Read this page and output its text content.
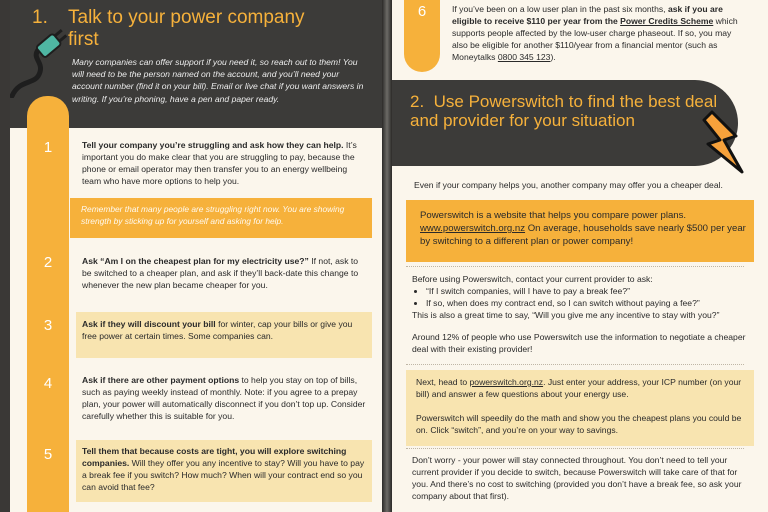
1. Talk to your power company first
Many companies can offer support if you need it, so reach out to them! You will need to be the person named on the account, and you’ll need your account number (find it on your bill). Email or live chat if you want answers in writing. If you’re phoning, have a pen and paper ready.
1	Tell your company you’re struggling and ask how they can help. It’s important you do make clear that you are struggling to pay, because the phone or email operator may then transfer you to an energy wellbeing team who have more options to help you.
Remember that many people are struggling right now. You are showing strength by sticking up for yourself and asking for help.
2	Ask “Am I on the cheapest plan for my electricity use?” If not, ask to be switched to a cheaper plan, and ask if they’ll back-date this change to whenever the new plan became cheaper for you.
3	Ask if they will discount your bill for winter, cap your bills or give you free power at certain times. Some companies can.
4	Ask if there are other payment options to help you stay on top of bills, such as paying weekly instead of monthly. Note: if you agree to a prepay plan, your power will automatically disconnect if you don’t top up. Consider carefully whether this is suitable for you.
5	Tell them that because costs are tight, you will explore switching companies. Will they offer you any incentive to stay? Will you have to pay a break fee if you switch? How much? When will your contract end so you can avoid that fee?
6	If you’ve been on a low user plan in the past six months, ask if you are eligible to receive $110 per year from the Power Credits Scheme which supports people affected by the low-user charge phaseout. If so, you may also be eligible for another $110/year from a financial mentor (such as Moneytalks 0800 345 123).
2. Use Powerswitch to find the best deal and provider for your situation
Even if your company helps you, another company may offer you a cheaper deal.
Powerswitch is a website that helps you compare power plans. www.powerswitch.org.nz On average, households save nearly $500 per year by switching to a different plan or power company!
Before using Powerswitch, contact your current provider to ask:
• “If I switch companies, will I have to pay a break fee?”
• If so, when does my contract end, so I can switch without paying a fee?”
This is also a great time to say, “Will you give me any incentive to stay with you?”
Around 12% of people who use Powerswitch use the information to negotiate a cheaper deal with their existing provider!
Next, head to powerswitch.org.nz. Just enter your address, your ICP number (on your bill) and answer a few questions about your energy use.
Powerswitch will speedily do the math and show you the cheapest plans you could be on. Click “switch”, and you’re on your way to savings.
Don’t worry - your power will stay connected throughout. You don’t need to tell your current provider if you decide to switch, because Powerswitch will take care of that for you. And there’s no cost to switching (provided you don’t have a break fee, so ask your company about that first).
